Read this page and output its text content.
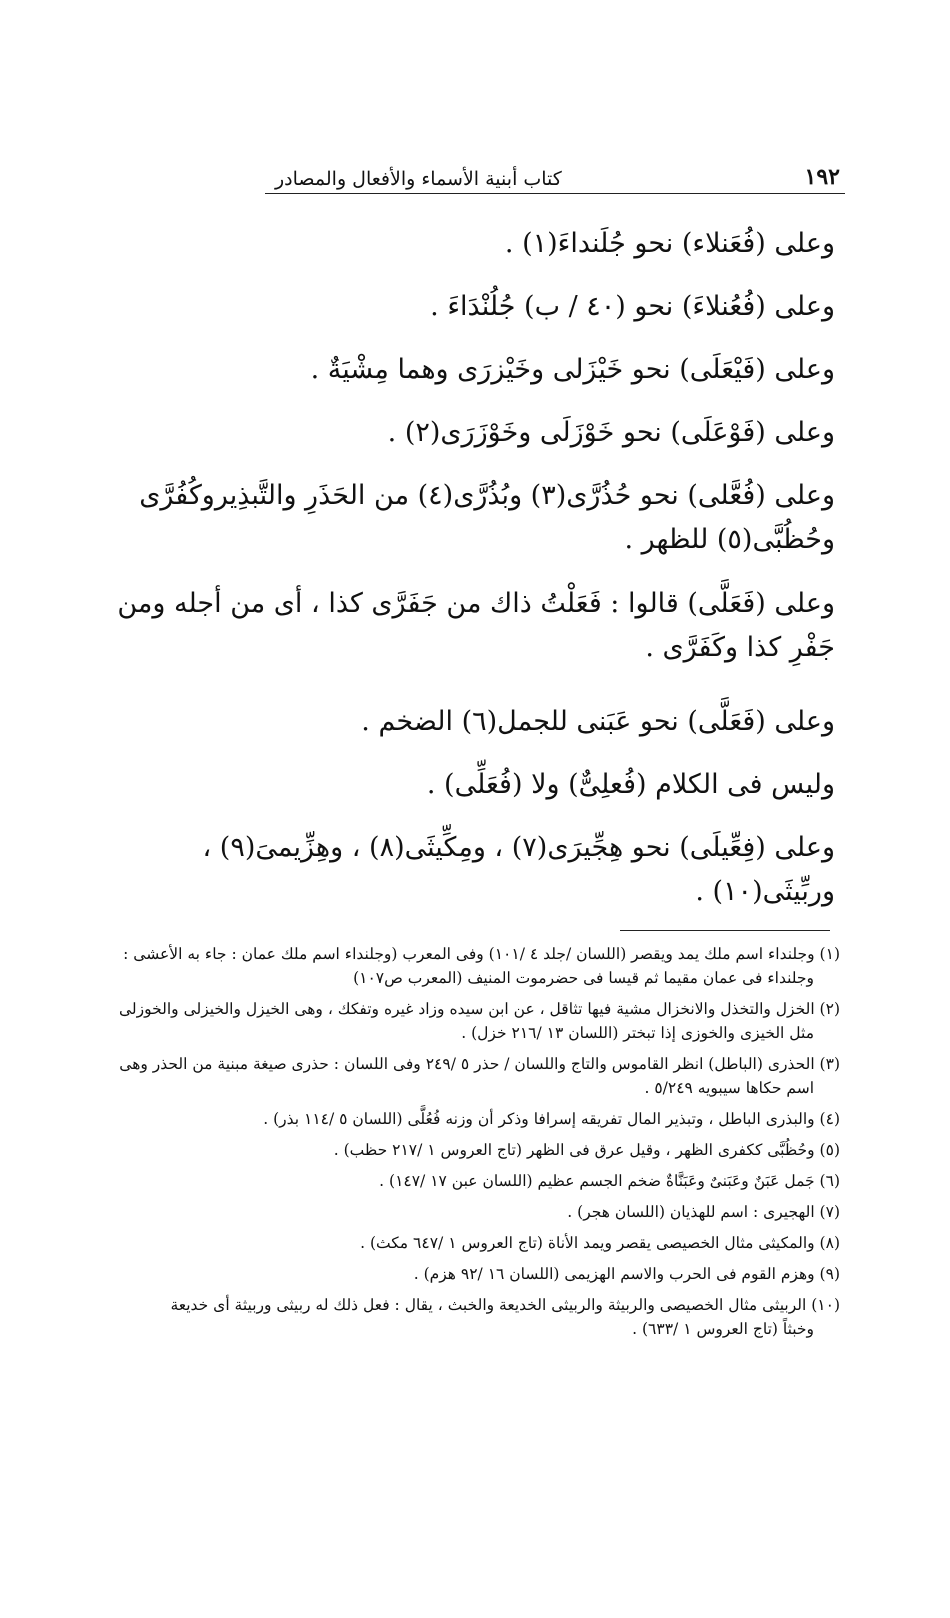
١٩٢
كتاب أبنية الأسماء والأفعال والمصادر

وعلى (فُعَنلاء) نحو جُلَنداءَ(١) .

وعلى (فُعُنلاءَ) نحو (٤٠ / ب) جُلُنْدَاءَ .

وعلى (فَيْعَلَى) نحو خَيْزَلى وخَيْزرَى وهما مِشْيَةٌ .

وعلى (فَوْعَلَى) نحو خَوْزَلَى وخَوْزَرَى(٢) .

وعلى (فُعَّلى) نحو حُذُرَّى(٣) وبُذُرَّى(٤) من الحَذَرِ والتَّبذِيروكُفُرَّى وحُظُبَّى(٥) للظهر .

وعلى (فَعَلَّى) قالوا : فَعَلْتُ ذاك من جَفَرَّى كذا ، أى من أجله ومن جَفْرِ كذا وكَفَرَّى .

وعلى (فَعَلَّى) نحو عَبَنى للجمل(٦) الضخم .

وليس فى الكلام (فُعلِىٌّ) ولا (فُعَلِّى) .

وعلى (فِعِّيلَى) نحو هِجِّيرَى(٧) ، ومِكِّيثَى(٨) ، وهِزِّيمىَ(٩) ، وربِّيثَى(١٠) .

(١) وجلنداء اسم ملك يمد ويقصر (اللسان /جلد ٤ /١٠١) وفى المعرب (وجلنداء اسم ملك عمان : جاء به الأعشى :
وجلنداء فى عمان مقيما ثم قيسا فى حضرموت المنيف (المعرب ص١٠٧)

(٢) الخزل والتخذل والانخزال مشية فيها تثاقل ، عن ابن سيده وزاد غيره وتفكك ، وهى الخيزل والخيزلى والخوزلى
مثل الخيزى والخوزى إذا تبختر (اللسان ١٣ /٢١٦ خزل) .

(٣) الحذرى (الباطل) انظر القاموس والتاج واللسان / حذر ٥ /٢٤٩ وفى اللسان : حذرى صيغة مبنية من الحذر وهى
اسم حكاها سيبويه ٥/٢٤٩ .

(٤) والبذرى الباطل ، وتبذير المال تفريقه إسرافا وذكر أن وزنه فُعُلَّى (اللسان ٥ /١١٤ بذر) .

(٥) وحُظُبَّى ككفرى الظهر ، وقيل عرق فى الظهر (تاج العروس ١ /٢١٧ حظب) .

(٦) جَمل عَبَنٌ وعَبَنىٌ وعَبَنَّاةٌ ضخم الجسم عظيم (اللسان عبن ١٧ /١٤٧) .

(٧) الهجيرى : اسم للهذيان (اللسان هجر) .

(٨) والمكيثى مثال الخصيصى يقصر ويمد الأناة (تاج العروس ١ /٦٤٧ مكث) .

(٩) وهزم القوم فى الحرب والاسم الهزيمى (اللسان ١٦ /٩٢ هزم) .

(١٠) الربيثى مثال الخصيصى والربيثة والربيثى الخديعة والخبث ، يقال : فعل ذلك له ربيثى وربيثة أى خديعة
وخبثاً (تاج العروس ١ /٦٣٣) .
